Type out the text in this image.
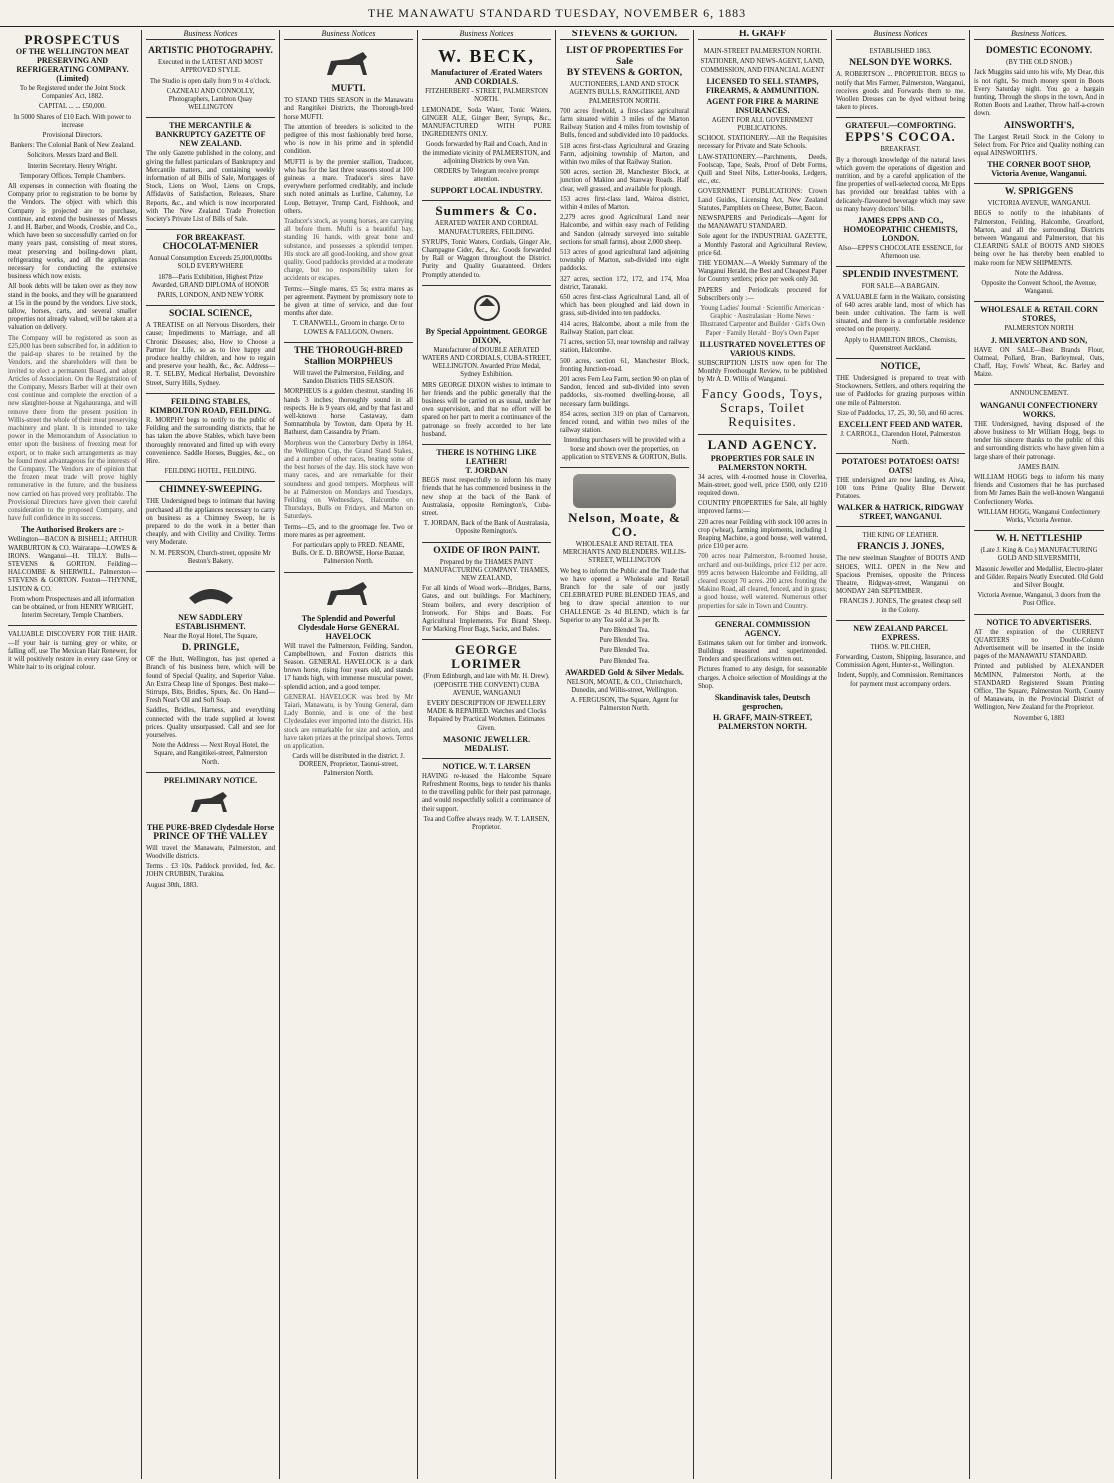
THE MANAWATU STANDARD TUESDAY, NOVEMBER 6, 1883
PROSPECTUS
OF THE WELLINGTON MEAT PRESERVING AND REFRIGERATING COMPANY. (Limited)

To be Registered under the Joint Stock Companies' Act, 1882.

CAPITAL ... ... £50,000.

In 5000 Shares of £10 Each. With power to increase

Provisional Directors.

Bankers: The Colonial Bank of New Zealand.

Solicitors. Messrs Izard and Bell.

Interim Secretary. Henry Wright.

Temporary Offices. Temple Chambers.

All expenses in connection with floating the Company prior to registration to be borne by the Vendors. The object with which this Company is projected are to purchase, continue, and extend the businesses of Messrs J. and H. Barber, and Woods, Crosbie, and Co., which have been so successfully carried on for many years past, consisting of meat stores, meat preserving and boiling-down plant, refrigerating works, and all the appliances necessary for conducting the extensive business which now exists.

All book debts will be taken over as they now stand in the books, and they will be guaranteed at 15s in the pound by the vendors. Live stock, tallow, horses, carts, and several smaller properties not already valued, will be taken at a valuation on delivery.

The Company will be registered as soon as £25,000 has been subscribed for, in addition to the paid-up shares to be retained by the Vendors, and the shareholders will then be invited to elect a permanent Board, and adopt Articles of Association. On the Registration of the Company, Messrs Barber will at their own cost continue and complete the erection of a new slaughter-house at Ngahauranga, and will remove there from the present position in Willis-street the whole of their meat preserving machinery and plant. It is intended to take power in the Memorandum of Association to enter upon the business of freezing meat for export, or to make such arrangements as may be found most advantageous for the interests of the Company. The Vendors are of opinion that the frozen meat trade will prove highly remunerative in the future, and the business now carried on has proved very profitable. The Provisional Directors have given their careful consideration to the proposed Company, and have full confidence in its success.

The Authorised Brokers are :-

Wellington—BACON & BISHELL; ARTHUR WARBURTON & CO. Wairarapa—LOWES & IRONS. Wanganui—H. TILLY. Bulls—STEVENS & GORTON. Feilding—HALCOMBE & SHERWILL. Palmerston—STEVENS & GORTON. Foxton—THYNNE, LISTON & CO.

From whom Prospectuses and all information can be obtained, or from HENRY WRIGHT, Interim Secretary, Temple Chambers.

VALUABLE DISCOVERY FOR THE HAIR.—If your hair is turning grey or white, or falling off, use The Mexican Hair Renewer, for it will positively restore in every case Grey or White hair to its original colour.

Business Notices
ARTISTIC PHOTOGRAPHY.

Executed in the LATEST AND MOST APPROVED STYLE.

The Studio is open daily from 9 to 4 o'clock.

CAZNEAU AND CONNOLLY, Photographers, Lambton Quay WELLINGTON

THE MERCANTILE & BANKRUPTCY GAZETTE OF NEW ZEALAND.

The only Gazette published in the colony, and giving the fullest particulars of Bankruptcy and Mercantile matters, and containing weekly information of all Bills of Sale, Mortgages of Stock, Liens on Wool, Liens on Crops, Affidavits of Satisfaction, Releases, Share Reports, &c., and which is now incorporated with The New Zealand Trade Protection Society's Private List of Bills of Sale.

FOR BREAKFAST.
CHOCOLAT-MENIER

Annual Consumption Exceeds 25,000,000lbs SOLD EVERYWHERE

1878—Paris Exhibition, Highest Prize Awarded, GRAND DIPLOMA of HONOR

PARIS, LONDON, AND NEW YORK

SOCIAL SCIENCE,

A TREATISE on all Nervous Disorders, their cause; Impediments to Marriage, and all Chronic Diseases; also, How to Choose a Partner for Life, so as to live happy and produce healthy children, and how to regain and preserve your health, &c., &c. Address—R. T. SELBY, Medical Herbalist, Devonshire Street, Surry Hills, Sydney.

FEILDING STABLES, KIMBOLTON ROAD, FEILDING.

R. MORPHY begs to notify to the public of Feilding and the surrounding districts, that he has taken the above Stables, which have been thoroughly renovated and fitted up with every convenience. Saddle Horses, Buggies, &c., on Hire.

FEILDING HOTEL, FEILDING.

CHIMNEY-SWEEPING.

THE Undersigned begs to intimate that having purchased all the appliances necessary to carry on business as a Chimney Sweep, he is prepared to do the work in a better than cheaply, and with Civility and Civility. Terms very Moderate.

N. M. PERSON, Church-street, opposite Mr Beston's Bakery.

NEW SADDLERY ESTABLISHMENT.

Near the Royal Hotel, The Square,

D. PRINGLE,

OF the Hutt, Wellington, has just opened a Branch of his business here, which will be found of Special Quality, and Superior Value. An Extra Cheap line of Sponges. Best make—Stirrups, Bits, Bridles, Spurs, &c. On Hand—Fresh Neat's Oil and Soft Soap.

Saddles, Bridles, Harness, and everything connected with the trade supplied at lowest prices. Quality unsurpassed. Call and see for yourselves.

Note the Address — Next Royal Hotel, the Square, and Rangitikei-street, Palmerston North.

PRELIMINARY NOTICE.
THE PURE-BRED Clydesdale Horse
PRINCE OF THE VALLEY

Will travel the Manawatu, Palmerston, and Woodville districts.

Terms . £3 10s. Paddock provided, fed, &c. JOHN CRUBBIN, Turakina.

August 30th, 1883.

Business Notices
MUFTI.

TO STAND THIS SEASON in the Manawatu and Rangitikei Districts, the Thorough-bred horse MUFTI.

The attention of breeders is solicited to the pedigree of this most fashionably bred horse, who is now in his prime and in splendid condition.

MUFTI is by the premier stallion, Traducer, who has for the last three seasons stood at 100 guineas a mare. Traducer's sires have everywhere performed creditably, and include such noted animals as Lurline, Calumny, Le Loup, Betrayer, Trump Card, Fishhook, and others.

Traducer's stock, as young horses, are carrying all before them. Mufti is a beautiful bay, standing 16 hands, with great bone and substance, and possesses a splendid temper. His stock are all good-looking, and show great quality. Good paddocks provided at a moderate charge, but no responsibility taken for accidents or escapes.

Terms:—Single mares, £5 5s; extra mares as per agreement. Payment by promissory note to be given at time of service, and due four months after date.

T. CRANWELL, Groom in charge. Or to LOWES & FALLGON, Owners.

THE THOROUGH-BRED Stallion MORPHEUS

Will travel the Palmerston, Feilding, and Sandon Districts THIS SEASON.

MORPHEUS is a golden chestnut, standing 16 hands 3 inches; thoroughly sound in all respects. He is 9 years old, and by that fast and well-known horse Castaway, dam Somnambula by Towton, dam Opera by H. Bathurst, dam Cassandra by Priam.

Morpheus won the Canterbury Derby in 1864, the Wellington Cup, the Grand Stand Stakes, and a number of other races, beating some of the best horses of the day. His stock have won many races, and are remarkable for their soundness and good tempers. Morpheus will be at Palmerston on Mondays and Tuesdays, Feilding on Wednesdays, Halcombe on Thursdays, Bulls on Fridays, and Marton on Saturdays.

Terms—£5, and to the groomage fee. Two or more mares as per agreement.

For particulars apply to FRED. NEAME, Bulls. Or E. D. BROWSE, Horse Bazaar, Palmerston North.

The Splendid and Powerful Clydesdale Horse GENERAL HAVELOCK

Will travel the Palmerston, Feilding, Sandon, Campbelltown, and Foxton districts this Season. GENERAL HAVELOCK is a dark brown horse, rising four years old, and stands 17 hands high, with immense muscular power, splendid action, and a good temper.

GENERAL HAVELOCK was bred by Mr Taiari, Manawatu, is by Young General, dam Lady Bonnie, and is one of the best Clydesdales ever imported into the district. His stock are remarkable for size and action, and have taken prizes at the principal shows. Terms on application.

Cards will be distributed in the district. J. DOREEN, Proprietor, Taonui-street, Palmerston North.

Business Notices
W. BECK,

Manufacturer of Ærated Waters AND CORDIALS.

FITZHERBERT - STREET, PALMERSTON NORTH.

LEMONADE, Soda Water, Tonic Waters, GINGER ALE, Ginger Beer, Syrups, &c., MANUFACTURED WITH PURE INGREDIENTS ONLY.

Goods forwarded by Rail and Coach, And in the immediate vicinity of PALMERSTON, and adjoining Districts by own Van.

ORDERS by Telegram receive prompt attention.

SUPPORT LOCAL INDUSTRY.

Summers & Co.

AERATED WATER AND CORDIAL MANUFACTURERS, FEILDING.

SYRUPS, Tonic Waters, Cordials, Ginger Ale, Champagne Cider, &c., &c. Goods forwarded by Rail or Waggon throughout the District. Purity and Quality Guaranteed. Orders Promptly attended to.

By Special Appointment. GEORGE DIXON,

Manufacturer of DOUBLE AERATED WATERS AND CORDIALS, CUBA-STREET, WELLINGTON. Awarded Prize Medal, Sydney Exhibition.

MRS GEORGE DIXON wishes to intimate to her friends and the public generally that the business will be carried on as usual, under her own supervision, and that no effort will be spared on her part to merit a continuance of the patronage so freely accorded to her late husband.

THERE IS NOTHING LIKE LEATHER!
T. JORDAN

BEGS most respectfully to inform his many friends that he has commenced business in the new shop at the back of the Bank of Australasia, opposite Remington's, Cuba-street.

T. JORDAN, Back of the Bank of Australasia, Opposite Remington's.

OXIDE OF IRON PAINT.

Prepared by the THAMES PAINT MANUFACTURING COMPANY. THAMES, NEW ZEALAND,

For all kinds of Wood work—Bridges, Barns, Gates, and out buildings. For Machinery, Steam boilers, and every description of Ironwork. For Ships and Boats. For Agricultural Implements. For Brand Sheep. For Marking Flour Bags, Sacks, and Bales.

GEORGE LORIMER

(From Edinburgh, and late with Mr. H. Drew). (OPPOSITE THE CONVENT) CUBA AVENUE, WANGANUI

EVERY DESCRIPTION OF JEWELLERY MADE & REPAIRED. Watches and Clocks Repaired by Practical Workmen. Estimates Given.

MASONIC JEWELLER. MEDALIST.

NOTICE. W. T. LARSEN

HAVING re-leased the Halcombe Square Refreshment Rooms, begs to tender his thanks to the travelling public for their past patronage, and would respectfully solicit a continuance of their support.

Tea and Coffee always ready. W. T. LARSEN, Proprietor.

STEVENS & GORTON.
LIST OF PROPERTIES For Sale
BY STEVENS & GORTON,

AUCTIONEERS, LAND AND STOCK AGENTS BULLS, RANGITIKEI, AND PALMERSTON NORTH.

700 acres freehold, a first-class agricultural farm situated within 3 miles of the Marton Railway Station and 4 miles from township of Bulls, fenced and subdivided into 10 paddocks.

518 acres first-class Agricultural and Grazing Farm, adjoining township of Marton, and within two miles of that Railway Station.

500 acres, section 28, Manchester Block, at junction of Makino and Stanway Roads. Half clear, well grassed, and available for plough.

153 acres first-class land, Wairoa district, within 4 miles of Marton.

2,279 acres good Agricultural Land near Halcombe, and within easy reach of Feilding and Sandon (already surveyed into suitable sections for small farms), about 2,000 sheep.

513 acres of good agricultural land adjoining township of Marton, sub-divided into eight paddocks.

327 acres, section 172, 172, and 174, Moa district, Taranaki.

650 acres first-class Agricultural Land, all of which has been ploughed and laid down in grass, sub-divided into ten paddocks.

414 acres, Halcombe, about a mile from the Railway Station, part clear.

71 acres, section 53, near township and railway station, Halcombe.

500 acres, section 61, Manchester Block, fronting Junction-road.

201 acres Fern Lea Farm, section 90 on plan of Sandon, fenced and sub-divided into seven paddocks, six-roomed dwelling-house, all necessary farm buildings.

854 acres, section 319 on plan of Carnarvon, fenced round, and within two miles of the railway station.

Intending purchasers will be provided with a horse and shown over the properties, on application to STEVENS & GORTON, Bulls.

Nelson, Moate, & CO.

WHOLESALE AND RETAIL TEA MERCHANTS AND BLENDERS. WILLIS-STREET, WELLINGTON

We beg to inform the Public and the Trade that we have opened a Wholesale and Retail Branch for the sale of our justly CELEBRATED PURE BLENDED TEAS, and beg to draw special attention to our CHALLENGE 2s 4d BLEND, which is far Superior to any Tea sold at 3s per lb.

Pure Blended Tea.

Pure Blended Tea.

Pure Blended Tea.

Pure Blended Tea.

AWARDED Gold & Silver Medals.

NELSON, MOATE, & CO., Christchurch, Dunedin, and Willis-street, Wellington.

A. FERGUSON, The Square, Agent for Palmerston North.

H. GRAFF

MAIN-STREET PALMERSTON NORTH.

STATIONER, AND NEWS-AGENT, LAND, COMMISSION, AND FINANCIAL AGENT

LICENSED TO SELL STAMPS, FIREARMS, & AMMUNITION.

AGENT FOR FIRE & MARINE INSURANCES.

AGENT FOR ALL GOVERNMENT PUBLICATIONS.

SCHOOL STATIONERY.—All the Requisites necessary for Private and State Schools.

LAW-STATIONERY.—Parchments, Deeds, Foolscap, Tape, Seals, Proof of Debt Forms, Quill and Steel Nibs, Letter-books, Ledgers, etc., etc.

GOVERNMENT PUBLICATIONS: Crown Land Guides, Licensing Act, New Zealand Statutes, Pamphlets on Cheese, Butter, Bacon.

NEWSPAPERS and Periodicals—Agent for the MANAWATU STANDARD.

Sole agent for the INDUSTRIAL GAZETTE, a Monthly Pastoral and Agricultural Review, price 6d.

THE YEOMAN.—A Weekly Summary of the Wanganui Herald, the Best and Cheapest Paper for Country settlers; price per week only 3d.

PAPERS and Periodicals procured for Subscribers only :—

Young Ladies' Journal · Scientific American · Graphic · Australasian · Home News · Illustrated Carpenter and Builder · Girl's Own Paper · Family Herald · Boy's Own Paper

ILLUSTRATED NOVELETTES OF VARIOUS KINDS.

SUBSCRIPTION LISTS now open for The Monthly Freethought Review, to be published by Mr A. D. Willis of Wanganui.

Fancy Goods, Toys, Scraps, Toilet Requisites.

LAND AGENCY.

PROPERTIES FOR SALE IN PALMERSTON NORTH.

34 acres, with 4-roomed house in Cloverlea, Main-street, good well, price £500, only £210 required down.

COUNTRY PROPERTIES for Sale, all highly improved farms:—

220 acres near Feilding with stock 100 acres in crop (wheat), farming implements, including 1 Reaping Machine, a good house, well watered, price £10 per acre.

700 acres near Palmerston, 8-roomed house, orchard and out-buildings, price £12 per acre. 999 acres between Halcombe and Feilding, all cleared except 70 acres. 200 acres fronting the Makino Road, all cleared, fenced, and in grass; a good house, well watered. Numerous other properties for sale in Town and Country.

GENERAL COMMISSION AGENCY.

Estimates taken out for timber and ironwork. Buildings measured and superintended. Tenders and specifications written out.

Pictures framed to any design, for seasonable charges. A choice selection of Mouldings at the Shop.

Skandinavisk tales, Deutsch gesprochen,

H. GRAFF, MAIN-STREET, PALMERSTON NORTH.

Business Notices

ESTABLISHED 1863.

NELSON DYE WORKS.

A. ROBERTSON ... PROPRIETOR. BEGS to notify that Mrs Farmer, Palmerston, Wanganui, receives goods and Forwards them to me. Woollen Dresses can be dyed without being taken to pieces.

GRATEFUL—COMFORTING.
EPPS'S COCOA.

BREAKFAST.

By a thorough knowledge of the natural laws which govern the operations of digestion and nutrition, and by a careful application of the fine properties of well-selected cocoa, Mr Epps has provided our breakfast tables with a delicately-flavoured beverage which may save us many heavy doctors' bills.

JAMES EPPS AND CO., HOMOEOPATHIC CHEMISTS, LONDON.

Also—EPPS'S CHOCOLATE ESSENCE, for Afternoon use.

SPLENDID INVESTMENT.

FOR SALE—A BARGAIN.

A VALUABLE farm in the Waikato, consisting of 640 acres arable land, most of which has been under cultivation. The farm is well situated, and there is a comfortable residence erected on the property.

Apply to HAMILTON BROS., Chemists, Queenstreet Auckland.

NOTICE,

THE Undersigned is prepared to treat with Stockowners, Settlers, and others requiring the use of Paddocks for grazing purposes within one mile of Palmerston.

Size of Paddocks, 17, 25, 30, 50, and 60 acres.

EXCELLENT FEED AND WATER.

J. CARROLL, Clarendon Hotel, Palmerston North.

POTATOES! POTATOES! OATS! OATS!

THE undersigned are now landing, ex Aiwa, 100 tons Prime Quality Blue Derwent Potatoes.

WALKER & HATRICK, RIDGWAY STREET, WANGANUI.

THE KING OF LEATHER.

FRANCIS J. JONES,

The new steelman Slaughter of BOOTS AND SHOES, WILL OPEN in the New and Spacious Premises, opposite the Princess Theatre, Ridgway-street, Wanganui on MONDAY 24th SEPTEMBER.

FRANCIS J. JONES, The greatest cheap sell in the Colony.

NEW ZEALAND PARCEL EXPRESS.

THOS. W. PILCHER,

Forwarding, Custom, Shipping, Insurance, and Commission Agent, Hunter-st., Wellington.

Indent, Supply, and Commission. Remittances for payment must accompany orders.

Business Notices.
DOMESTIC ECONOMY.

(BY THE OLD SNOB.)

Jack Muggins said unto his wife, My Dear, this is not right, So much money spent in Boots Every Saturday night. You go a bargain hunting, Through the shops in the town, And in Rotten Boots and Leather, Throw half-a-crown down.

AINSWORTH'S,

The Largest Retail Stock in the Colony to Select from. For Price and Quality nothing can equal AINSWORTH'S.

THE CORNER BOOT SHOP, Victoria Avenue, Wanganui.

W. SPRIGGENS

VICTORIA AVENUE, WANGANUI.

BEGS to notify to the inhabitants of Palmerston, Feilding, Halcombe, Greatford, Marton, and all the surrounding Districts between Wanganui and Palmerston, that his CLEARING SALE of BOOTS AND SHOES being over he has thereby been enabled to make room for NEW SHIPMENTS.

Note the Address.

Opposite the Convent School, the Avenue, Wanganui.

WHOLESALE & RETAIL CORN STORES,

PALMERSTON NORTH

J. MILVERTON AND SON,

HAVE ON SALE—Best Brands Flour, Oatmeal, Pollard, Bran, Barleymeal, Oats, Chaff, Hay, Fowls' Wheat, &c. Barley and Maize.

ANNOUNCEMENT.

WANGANUI CONFECTIONERY WORKS.

THE Undersigned, having disposed of the above business to Mr William Hogg, begs to tender his sincere thanks to the public of this and surrounding districts who have given him a large share of their patronage.

JAMES BAIN.

WILLIAM HOGG begs to inform his many friends and Customers that he has purchased from Mr James Bain the well-known Wanganui Confectionery Works.

WILLIAM HOGG, Wanganui Confectionery Works, Victoria Avenue.

W. H. NETTLESHIP

(Late J. King & Co.) MANUFACTURING GOLD AND SILVERSMITH,

Masonic Jeweller and Medallist, Electro-plater and Gilder. Repairs Neatly Executed. Old Gold and Silver Bought.

Victoria Avenue, Wanganui, 3 doors from the Post Office.

NOTICE TO ADVERTISERS.

AT the expiration of the CURRENT QUARTERS no Double-Column Advertisement will be inserted in the inside pages of the MANAWATU STANDARD.

Printed and published by ALEXANDER McMINN, Palmerston North, at the STANDARD Registered Steam Printing Office, The Square, Palmerston North, County of Manawatu, in the Provincial District of Wellington, New Zealand for the Proprietor.

November 6, 1883
